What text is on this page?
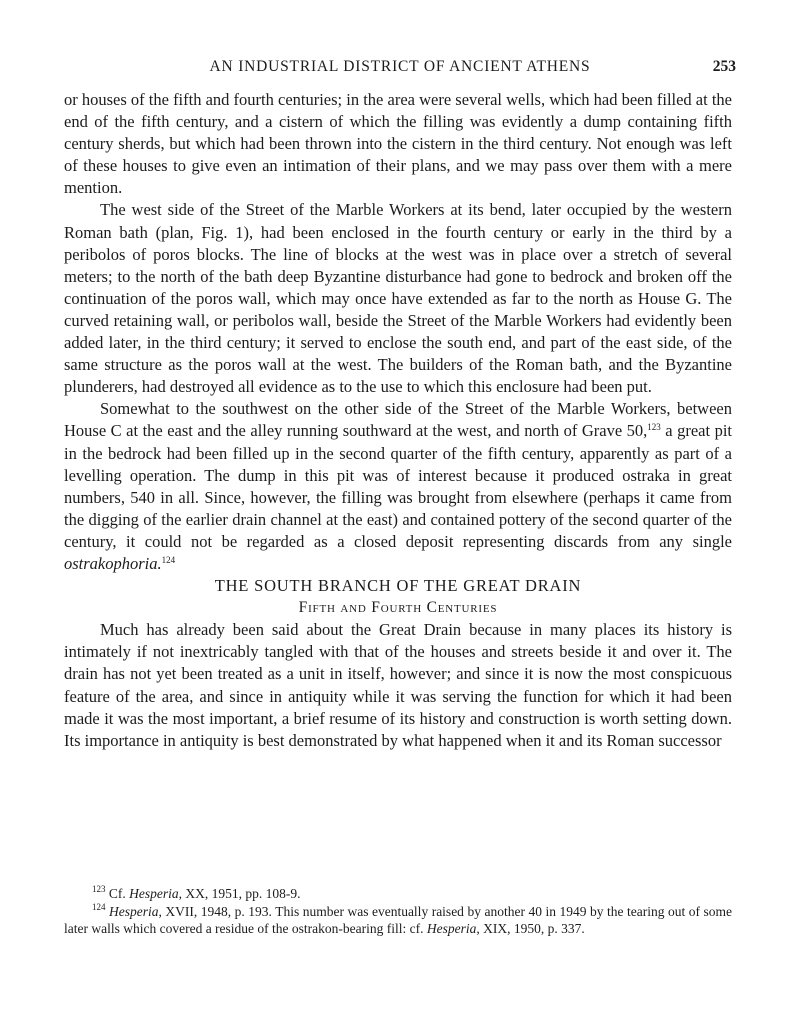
AN INDUSTRIAL DISTRICT OF ANCIENT ATHENS	253

or houses of the fifth and fourth centuries; in the area were several wells, which had been filled at the end of the fifth century, and a cistern of which the filling was evidently a dump containing fifth century sherds, but which had been thrown into the cistern in the third century. Not enough was left of these houses to give even an intimation of their plans, and we may pass over them with a mere mention.

The west side of the Street of the Marble Workers at its bend, later occupied by the western Roman bath (plan, Fig. 1), had been enclosed in the fourth century or early in the third by a peribolos of poros blocks. The line of blocks at the west was in place over a stretch of several meters; to the north of the bath deep Byzantine disturbance had gone to bedrock and broken off the continuation of the poros wall, which may once have extended as far to the north as House G. The curved retaining wall, or peribolos wall, beside the Street of the Marble Workers had evidently been added later, in the third century; it served to enclose the south end, and part of the east side, of the same structure as the poros wall at the west. The builders of the Roman bath, and the Byzantine plunderers, had destroyed all evidence as to the use to which this enclosure had been put.

Somewhat to the southwest on the other side of the Street of the Marble Workers, between House C at the east and the alley running southward at the west, and north of Grave 50,$^{123}$ a great pit in the bedrock had been filled up in the second quarter of the fifth century, apparently as part of a levelling operation. The dump in this pit was of interest because it produced ostraka in great numbers, 540 in all. Since, however, the filling was brought from elsewhere (perhaps it came from the digging of the earlier drain channel at the east) and contained pottery of the second quarter of the century, it could not be regarded as a closed deposit representing discards from any single ostrakophoria.$^{124}$

THE SOUTH BRANCH OF THE GREAT DRAIN

Fifth and Fourth Centuries

Much has already been said about the Great Drain because in many places its history is intimately if not inextricably tangled with that of the houses and streets beside it and over it. The drain has not yet been treated as a unit in itself, however; and since it is now the most conspicuous feature of the area, and since in antiquity while it was serving the function for which it had been made it was the most important, a brief resume of its history and construction is worth setting down. Its importance in antiquity is best demonstrated by what happened when it and its Roman successor

$^{123}$ Cf. Hesperia, XX, 1951, pp. 108-9.

$^{124}$ Hesperia, XVII, 1948, p. 193. This number was eventually raised by another 40 in 1949 by the tearing out of some later walls which covered a residue of the ostrakon-bearing fill: cf. Hesperia, XIX, 1950, p. 337.
